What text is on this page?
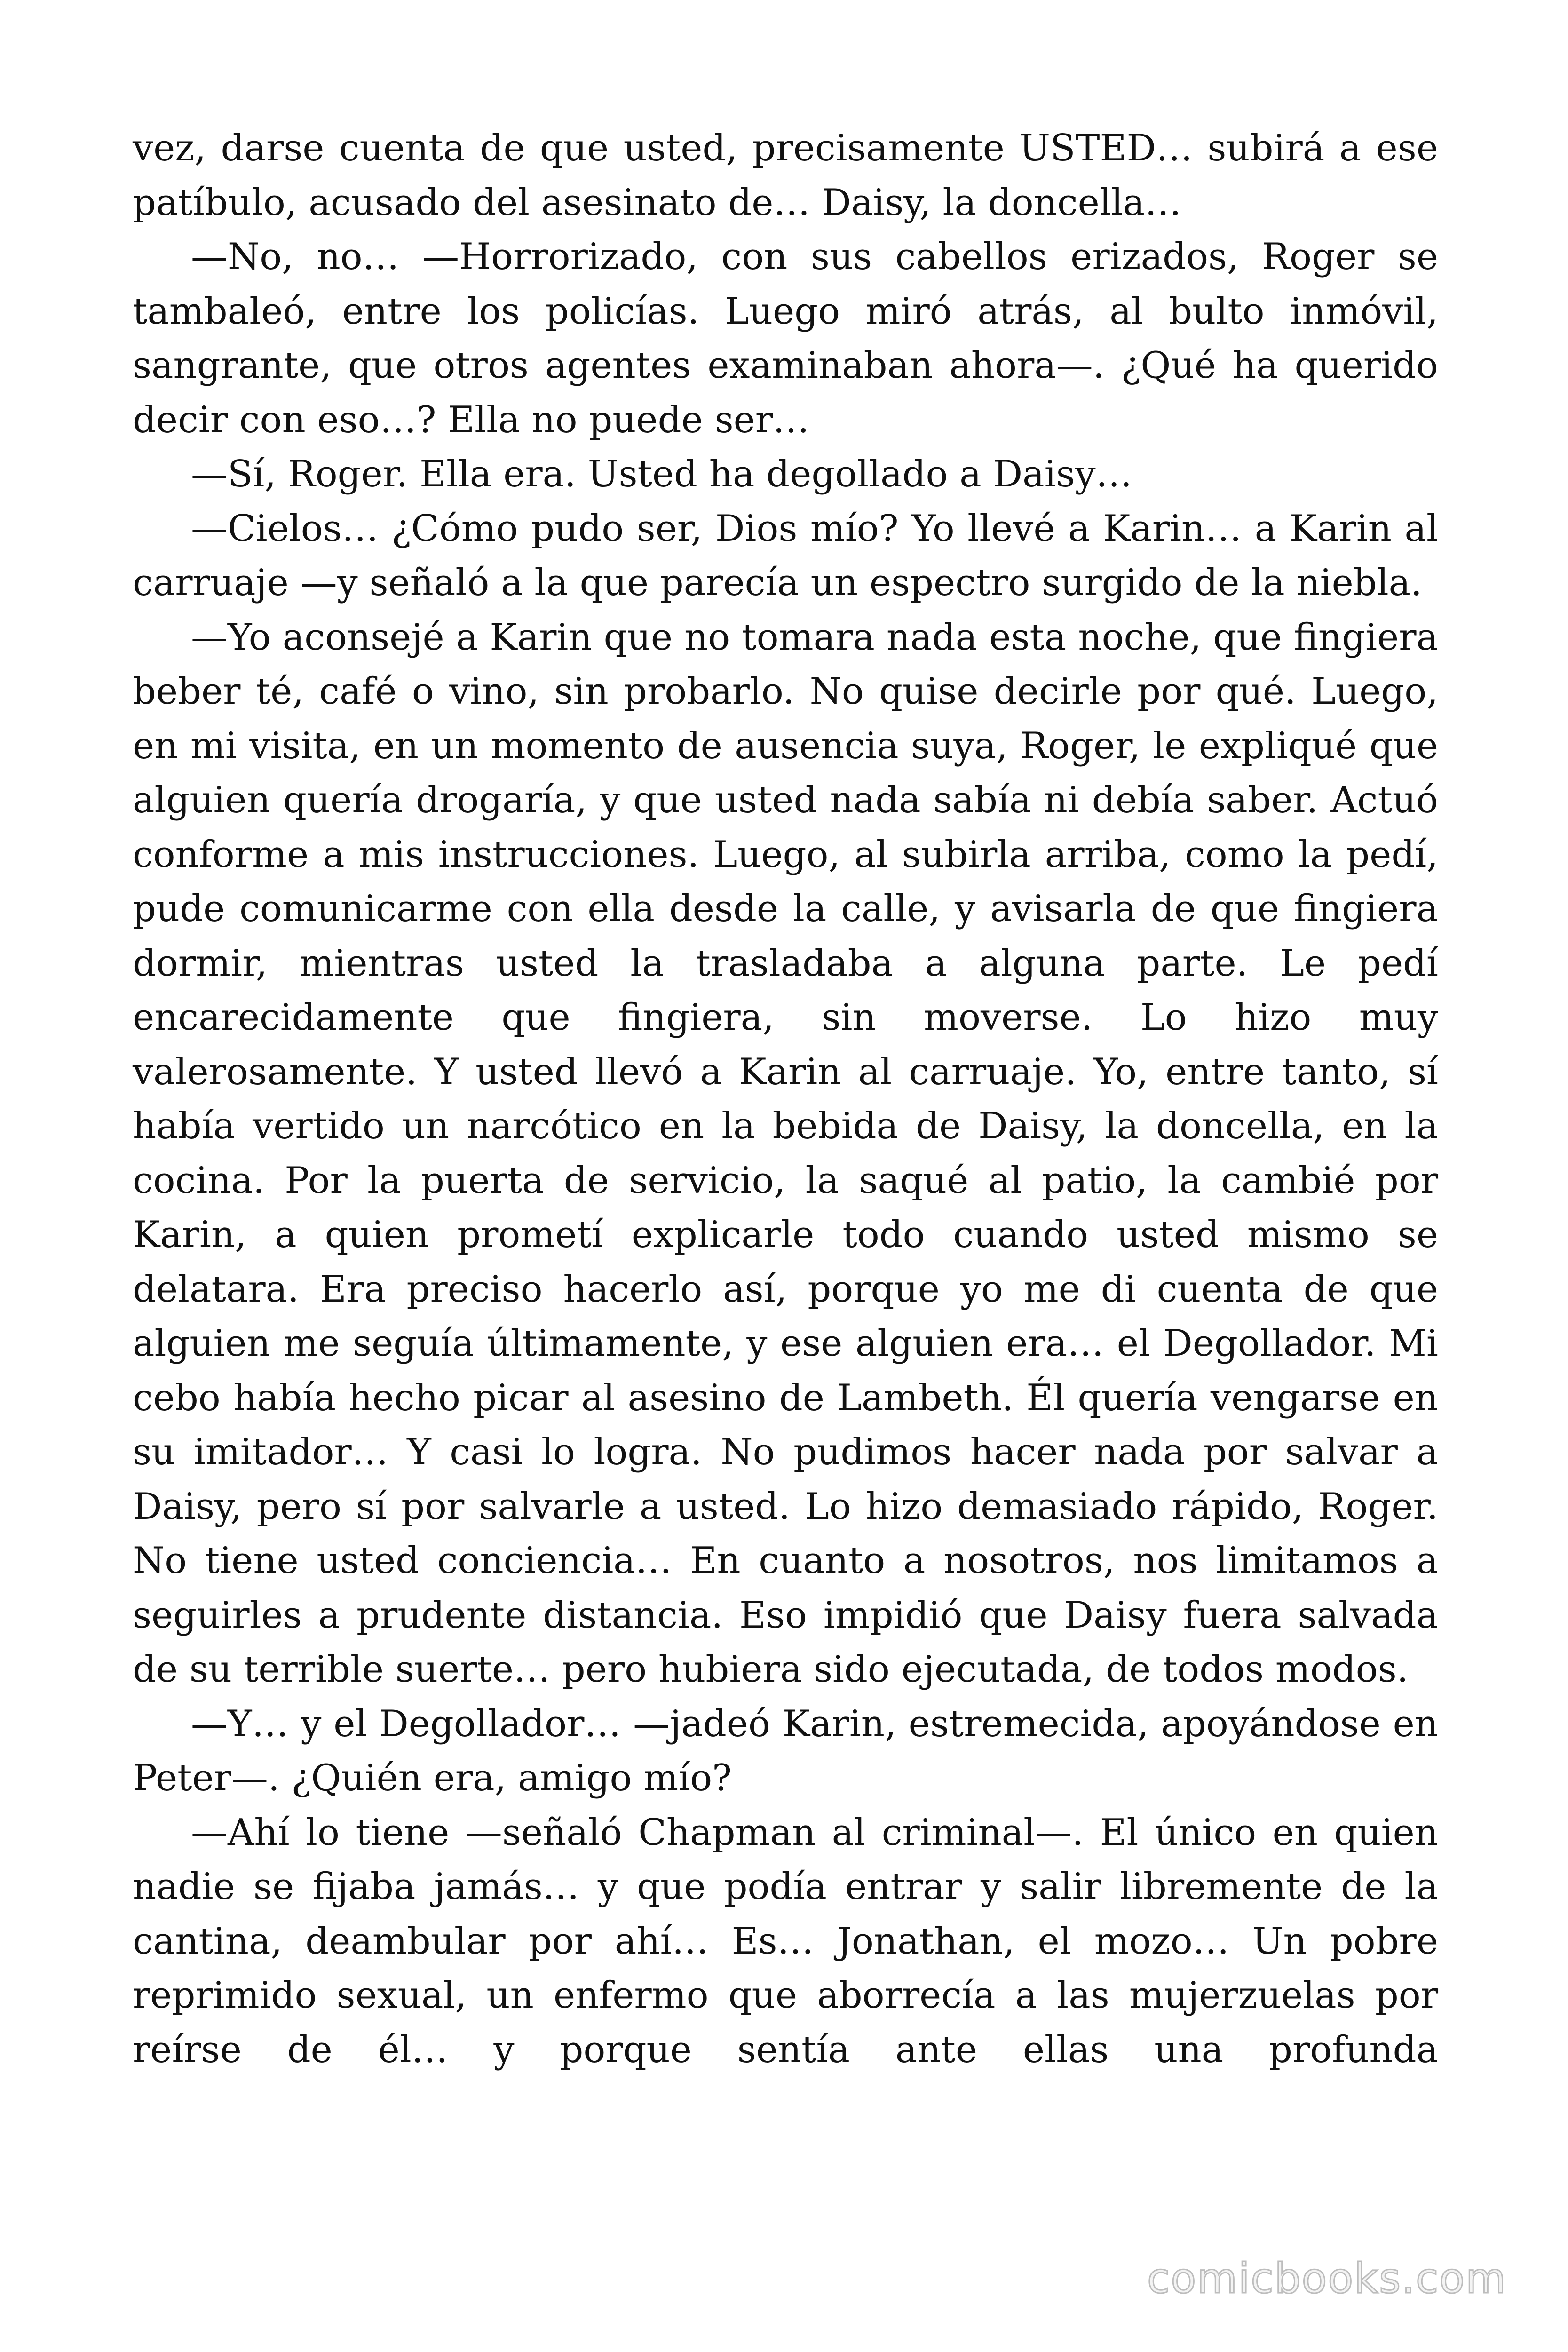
vez, darse cuenta de que usted, precisamente USTED… subirá a ese patíbulo, acusado del asesinato de… Daisy, la doncella…

—No, no… —Horrorizado, con sus cabellos erizados, Roger se tambaleó, entre los policías. Luego miró atrás, al bulto inmóvil, sangrante, que otros agentes examinaban ahora—. ¿Qué ha querido decir con eso…? Ella no puede ser…

—Sí, Roger. Ella era. Usted ha degollado a Daisy…

—Cielos… ¿Cómo pudo ser, Dios mío? Yo llevé a Karin… a Karin al carruaje —y señaló a la que parecía un espectro surgido de la niebla.

—Yo aconsejé a Karin que no tomara nada esta noche, que fingiera beber té, café o vino, sin probarlo. No quise decirle por qué. Luego, en mi visita, en un momento de ausencia suya, Roger, le expliqué que alguien quería drogaría, y que usted nada sabía ni debía saber. Actuó conforme a mis instrucciones. Luego, al subirla arriba, como la pedí, pude comunicarme con ella desde la calle, y avisarla de que fingiera dormir, mientras usted la trasladaba a alguna parte. Le pedí encarecidamente que fingiera, sin moverse. Lo hizo muy valerosamente. Y usted llevó a Karin al carruaje. Yo, entre tanto, sí había vertido un narcótico en la bebida de Daisy, la doncella, en la cocina. Por la puerta de servicio, la saqué al patio, la cambié por Karin, a quien prometí explicarle todo cuando usted mismo se delatara. Era preciso hacerlo así, porque yo me di cuenta de que alguien me seguía últimamente, y ese alguien era… el Degollador. Mi cebo había hecho picar al asesino de Lambeth. Él quería vengarse en su imitador… Y casi lo logra. No pudimos hacer nada por salvar a Daisy, pero sí por salvarle a usted. Lo hizo demasiado rápido, Roger. No tiene usted conciencia… En cuanto a nosotros, nos limitamos a seguirles a prudente distancia. Eso impidió que Daisy fuera salvada de su terrible suerte… pero hubiera sido ejecutada, de todos modos.

—Y… y el Degollador… —jadeó Karin, estremecida, apoyándose en Peter—. ¿Quién era, amigo mío?

—Ahí lo tiene —señaló Chapman al criminal—. El único en quien nadie se fijaba jamás… y que podía entrar y salir libremente de la cantina, deambular por ahí… Es… Jonathan, el mozo… Un pobre reprimido sexual, un enfermo que aborrecía a las mujerzuelas por reírse de él… y porque sentía ante ellas una profunda

comicbooks.com
